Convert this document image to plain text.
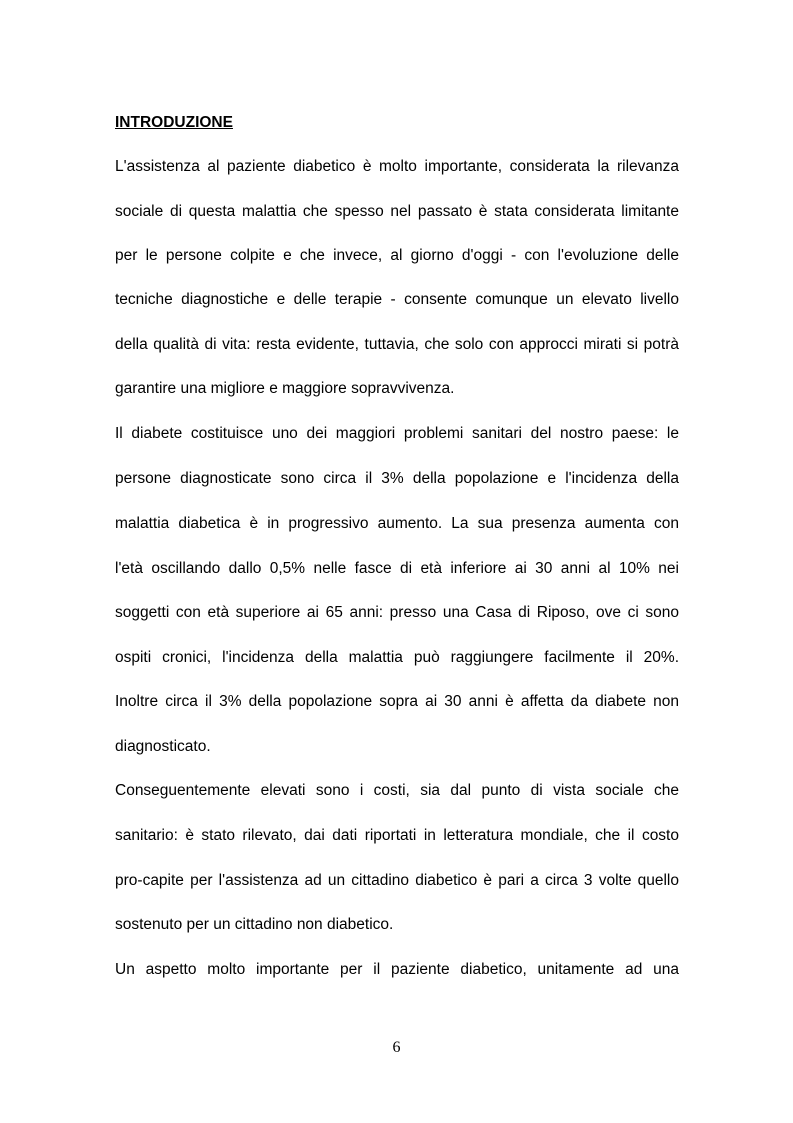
INTRODUZIONE

L'assistenza al paziente diabetico è molto importante, considerata la rilevanza

sociale di questa malattia che spesso nel passato è stata considerata limitante

per le persone colpite e che invece, al giorno d'oggi - con l'evoluzione delle

tecniche diagnostiche e delle terapie - consente comunque un elevato livello

della qualità di vita: resta evidente, tuttavia, che solo con approcci mirati si potrà

garantire una migliore e maggiore sopravvivenza.

Il diabete costituisce uno dei maggiori problemi sanitari del nostro paese: le

persone diagnosticate sono circa il 3% della popolazione e l'incidenza della

malattia diabetica è in progressivo aumento. La sua presenza aumenta con

l'età oscillando dallo 0,5% nelle fasce di età inferiore ai 30 anni al 10% nei

soggetti con età superiore ai 65 anni: presso una Casa di Riposo, ove ci sono

ospiti cronici, l'incidenza della malattia può raggiungere facilmente il 20%.

Inoltre circa il 3% della popolazione sopra ai 30 anni è affetta da diabete non

diagnosticato.

Conseguentemente elevati sono i costi, sia dal punto di vista sociale che

sanitario: è stato rilevato, dai dati riportati in letteratura mondiale, che il costo

pro-capite per l'assistenza ad un cittadino diabetico è pari a circa 3 volte quello

sostenuto per un cittadino non diabetico.

Un aspetto molto importante per il paziente diabetico, unitamente ad una

6
